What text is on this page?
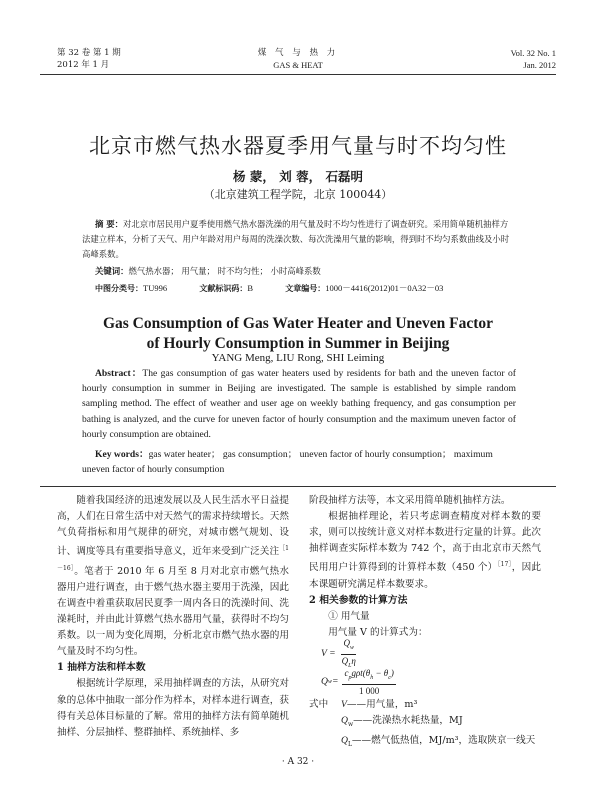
第 32 卷 第 1 期
2012 年 1 月
煤 气 与 热 力
GAS & HEAT
Vol. 32 No. 1
Jan. 2012
北京市燃气热水器夏季用气量与时不均匀性
杨 蒙， 刘 蓉， 石磊明
（北京建筑工程学院，北京 100044）
摘 要：对北京市居民用户夏季使用燃气热水器洗澡的用气量及时不均匀性进行了调查研究。采用简单随机抽样方法建立样本，分析了天气、用户年龄对用户每周的洗澡次数、每次洗澡用气量的影响，得到时不均匀系数曲线及小时高峰系数。
关键词：燃气热水器； 用气量； 时不均匀性； 小时高峰系数
中图分类号：TU996	文献标识码：B	文章编号：1000－4416(2012)01－0A32－03
Gas Consumption of Gas Water Heater and Uneven Factor
of Hourly Consumption in Summer in Beijing
YANG Meng, LIU Rong, SHI Leiming
Abstract：The gas consumption of gas water heaters used by residents for bath and the uneven factor of hourly consumption in summer in Beijing are investigated. The sample is established by simple random sampling method. The effect of weather and user age on weekly bathing frequency, and gas consumption per bathing is analyzed, and the curve for uneven factor of hourly consumption and the maximum uneven factor of hourly consumption are obtained.
Key words：gas water heater； gas consumption； uneven factor of hourly consumption； maximum uneven factor of hourly consumption

随着我国经济的迅速发展以及人民生活水平日益提高，人们在日常生活中对天然气的需求持续增长。天然气负荷指标和用气规律的研究，对城市燃气规划、设计、调度等具有重要指导意义，近年来受到广泛关注$^{[1-16]}$。笔者于 2010 年 6 月至 8 月对北京市燃气热水器用户进行调查，由于燃气热水器主要用于洗澡，因此在调查中着重获取居民夏季一周内各日的洗澡时间、洗澡耗时，并由此计算燃气热水器用气量，获得时不均匀系数。以一周为变化周期，分析北京市燃气热水器的用气量及时不均匀性。

1 抽样方法和样本数

根据统计学原理，采用抽样调查的方法，从研究对象的总体中抽取一部分作为样本，对样本进行调查，获得有关总体目标量的了解。常用的抽样方法有简单随机抽样、分层抽样、整群抽样、系统抽样、多

阶段抽样方法等，本文采用简单随机抽样方法。

根据抽样理论，若只考虑调查精度对样本数的要求，则可以按统计意义对样本数进行定量的计算。此次抽样调查实际样本数为 742 个，高于由北京市天然气民用用户计算得到的计算样本数（450 个）$^{[17]}$，因此本课题研究满足样本数要求。

2 相关参数的计算方法
① 用气量
用气量 V 的计算式为：
$V = \frac{Q_w}{Q_L\eta}$
Q $w = \frac{c_pg\rho t(\theta_h - \theta_c)}{1 000}$
式中	V ——用气量，m³
$Q_w——$洗澡热水耗热量，MJ
$Q_L——$燃气低热值，MJ/m³，选取陕京一线天
· A 32 ·
